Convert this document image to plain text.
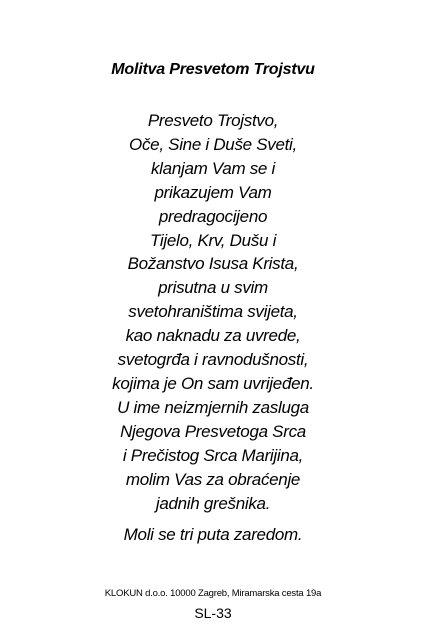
Molitva Presvetom Trojstvu
Presveto Trojstvo,
Oče, Sine i Duše Sveti,
klanjam Vam se i
prikazujem Vam
predragocijeno
Tijelo, Krv, Dušu i
Božanstvo Isusa Krista,
prisutna u svim
svetohraništima svijeta,
kao naknadu za uvrede,
svetogrđa i ravnodušnosti,
kojima je On sam uvrijeđen.
U ime neizmjernih zasluga
Njegova Presvetoga Srca
i Prečistog Srca Marijina,
molim Vas za obraćenje
jadnih grešnika.
Moli se tri puta zaredom.
KLOKUN d.o.o. 10000 Zagreb, Miramarska cesta 19a
SL-33
